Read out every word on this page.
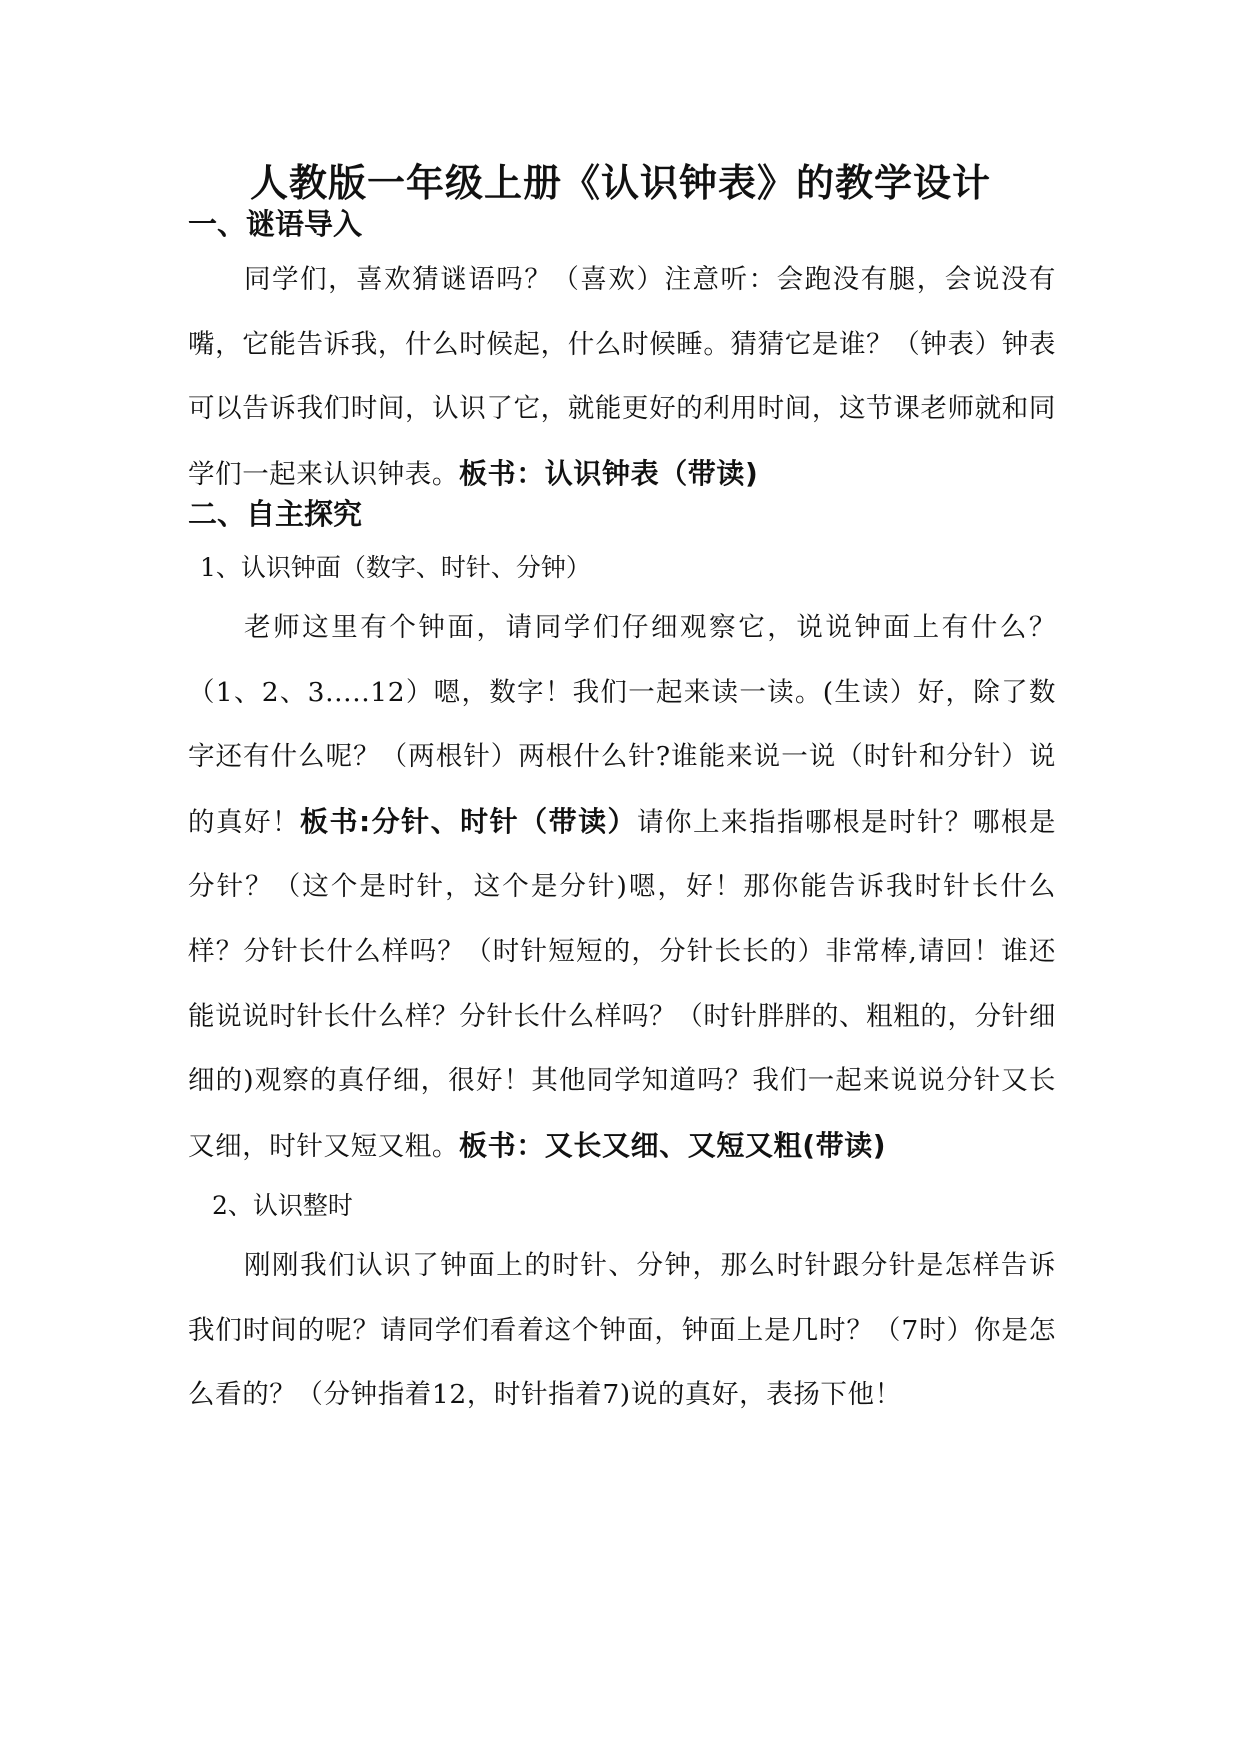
人教版一年级上册《认识钟表》的教学设计
一、谜语导入

同学们，喜欢猜谜语吗？（喜欢）注意听：会跑没有腿，会说没有嘴，它能告诉我，什么时候起，什么时候睡。猜猜它是谁？（钟表）钟表可以告诉我们时间，认识了它，就能更好的利用时间，这节课老师就和同学们一起来认识钟表。板书：认识钟表（带读)

二、自主探究
1、认识钟面（数字、时针、分钟）

老师这里有个钟面，请同学们仔细观察它，说说钟面上有什么？（1、2、3.....12）嗯，数字！我们一起来读一读。(生读）好，除了数字还有什么呢？（两根针）两根什么针?谁能来说一说（时针和分针）说的真好！板书:分针、时针（带读）请你上来指指哪根是时针？哪根是分针？（这个是时针，这个是分针)嗯，好！那你能告诉我时针长什么样？分针长什么样吗？（时针短短的，分针长长的）非常棒,请回！谁还能说说时针长什么样？分针长什么样吗？（时针胖胖的、粗粗的，分针细细的)观察的真仔细，很好！其他同学知道吗？我们一起来说说分针又长又细，时针又短又粗。板书：又长又细、又短又粗(带读)

2、认识整时

刚刚我们认识了钟面上的时针、分钟，那么时针跟分针是怎样告诉我们时间的呢？请同学们看着这个钟面，钟面上是几时？（7时）你是怎么看的？（分钟指着12，时针指着7)说的真好，表扬下他！
